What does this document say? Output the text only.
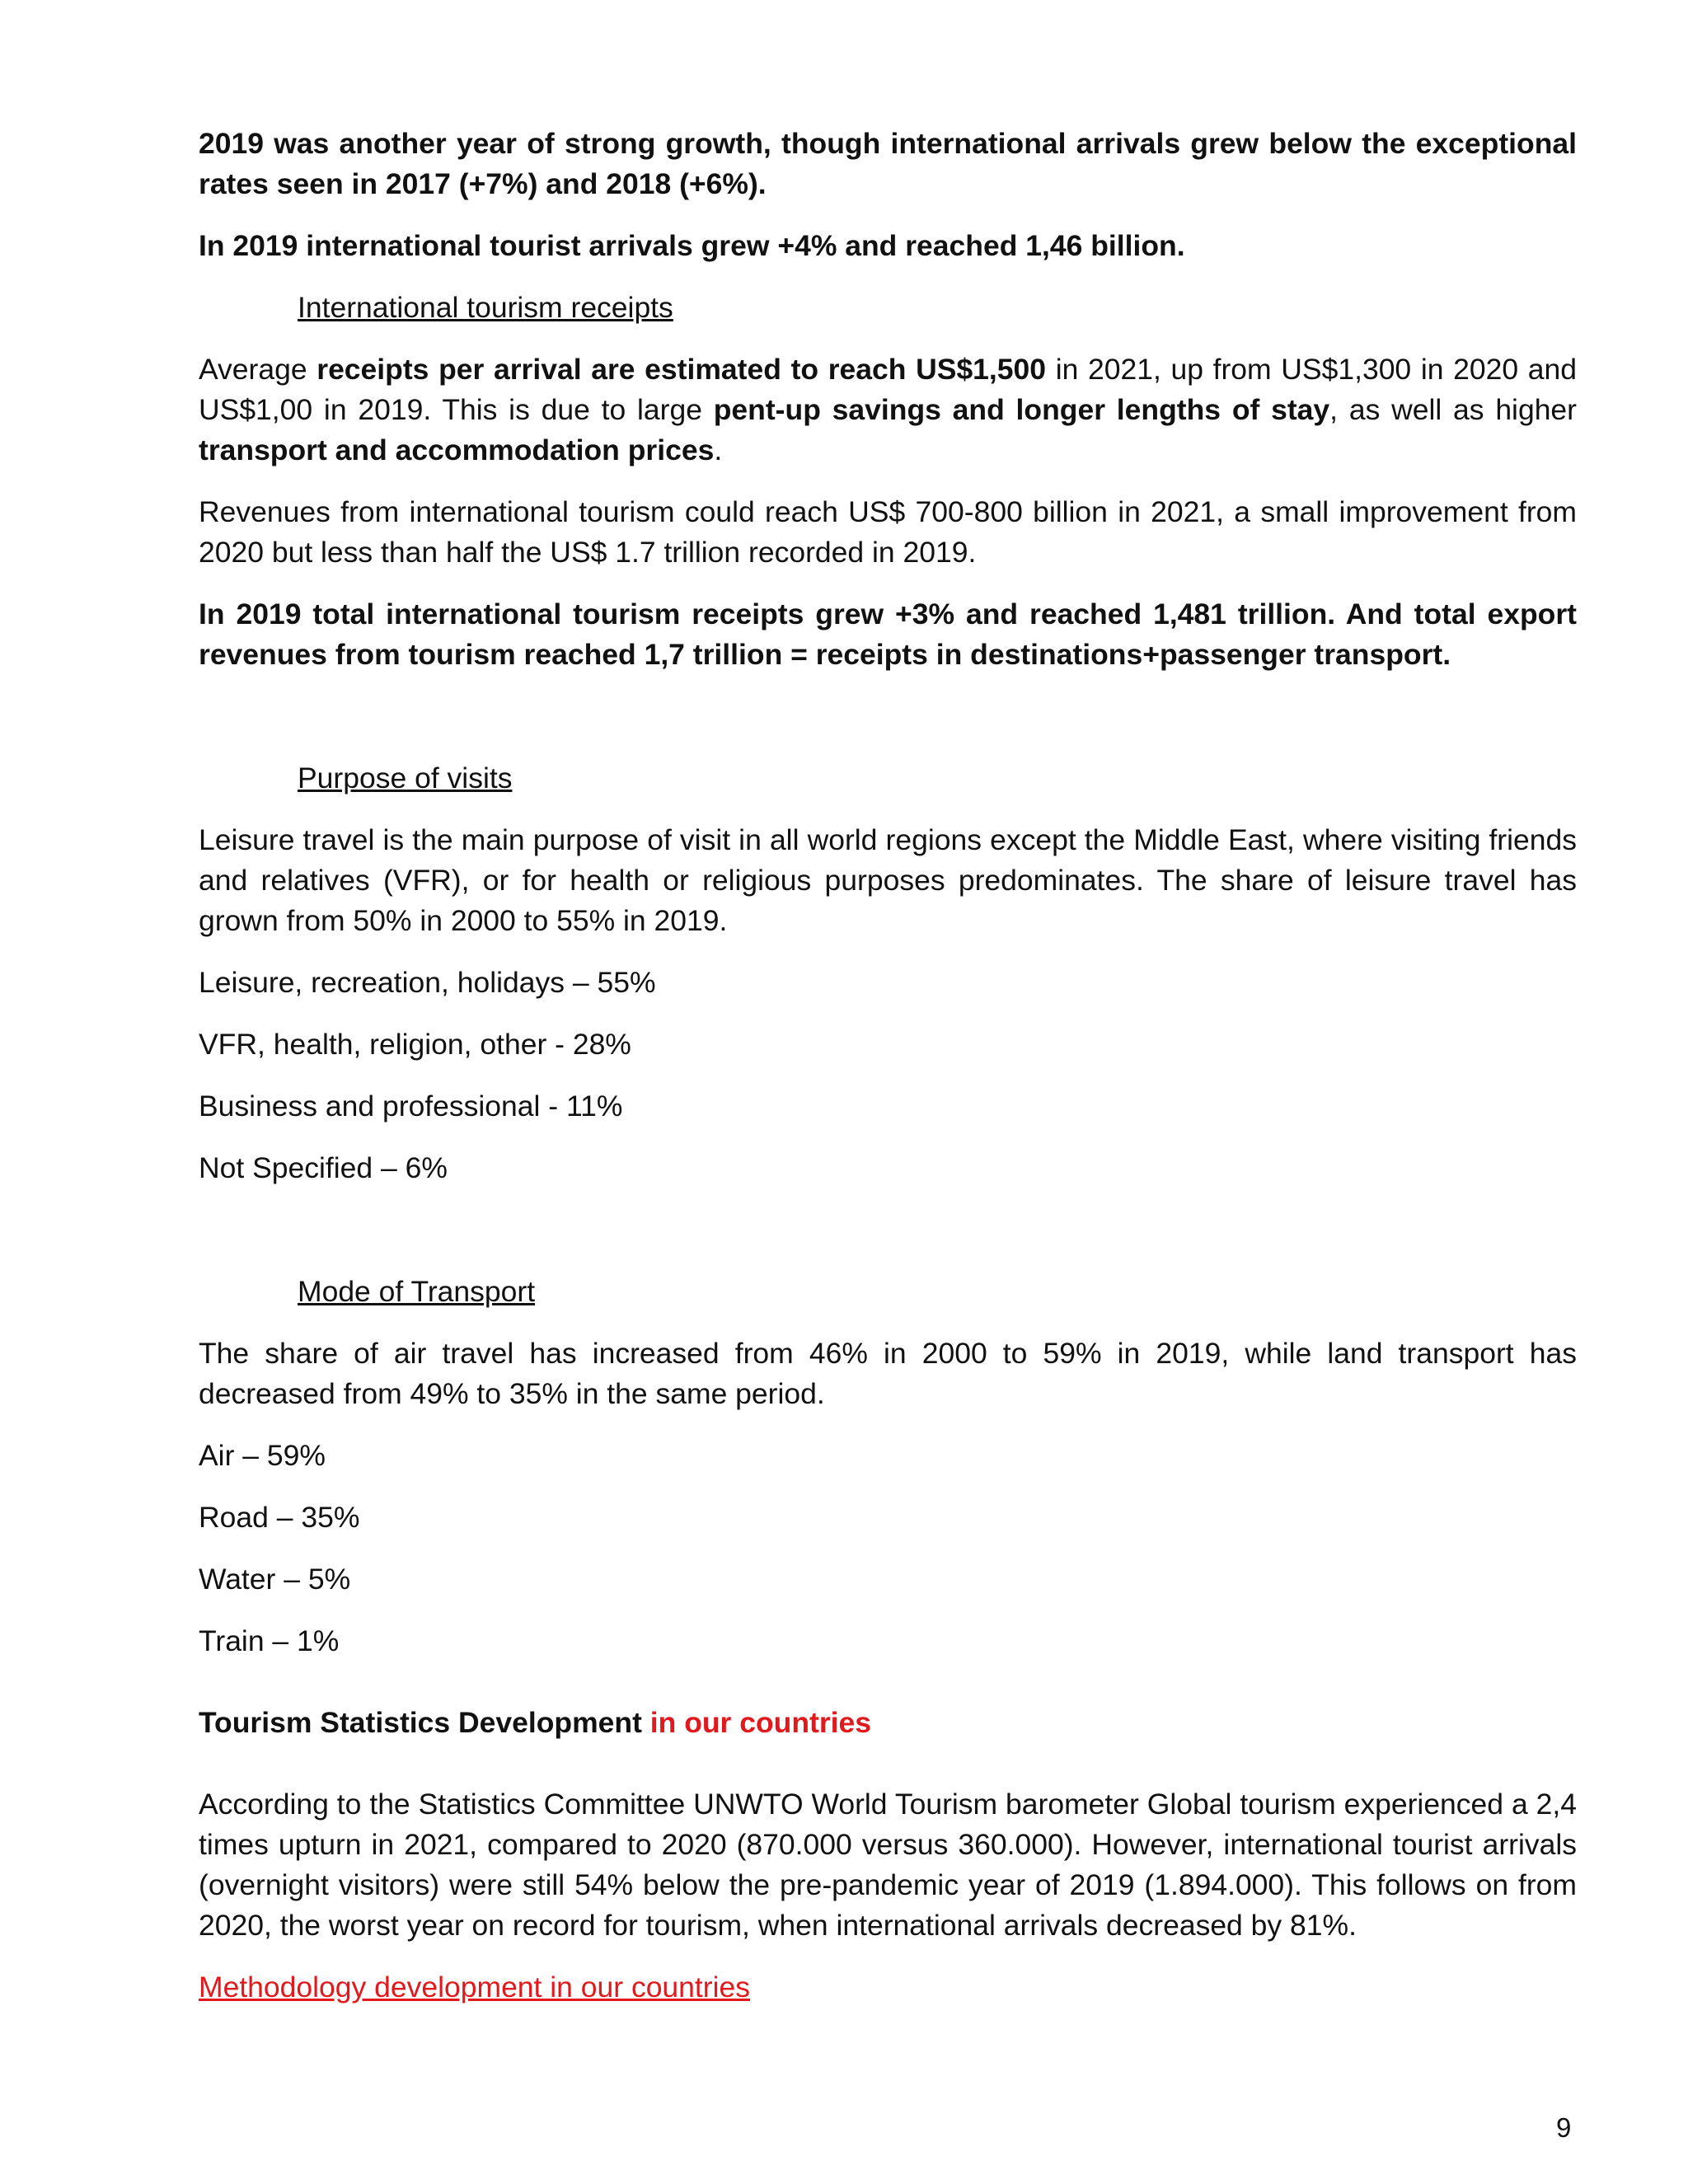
2019 was another year of strong growth, though international arrivals grew below the exceptional rates seen in 2017 (+7%) and 2018 (+6%).

In 2019 international tourist arrivals grew +4% and reached 1,46 billion.

International tourism receipts

Average receipts per arrival are estimated to reach US$1,500 in 2021, up from US$1,300 in 2020 and US$1,00 in 2019. This is due to large pent-up savings and longer lengths of stay, as well as higher transport and accommodation prices.

Revenues from international tourism could reach US$ 700-800 billion in 2021, a small improvement from 2020 but less than half the US$ 1.7 trillion recorded in 2019.

In 2019 total international tourism receipts grew +3% and reached 1,481 trillion. And total export revenues from tourism reached 1,7 trillion = receipts in destinations+passenger transport.

Purpose of visits

Leisure travel is the main purpose of visit in all world regions except the Middle East, where visiting friends and relatives (VFR), or for health or religious purposes predominates. The share of leisure travel has grown from 50% in 2000 to 55% in 2019.

Leisure, recreation, holidays – 55%

VFR, health, religion, other - 28%

Business and professional - 11%

Not Specified – 6%

Mode of Transport

The share of air travel has increased from 46% in 2000 to 59% in 2019, while land transport has decreased from 49% to 35% in the same period.

Air – 59%

Road – 35%

Water – 5%

Train – 1%

Tourism Statistics Development in our countries

According to the Statistics Committee UNWTO World Tourism barometer Global tourism experienced a 2,4 times upturn in 2021, compared to 2020 (870.000 versus 360.000). However, international tourist arrivals (overnight visitors) were still 54% below the pre-pandemic year of 2019 (1.894.000). This follows on from 2020, the worst year on record for tourism, when international arrivals decreased by 81%.

Methodology development in our countries

9
